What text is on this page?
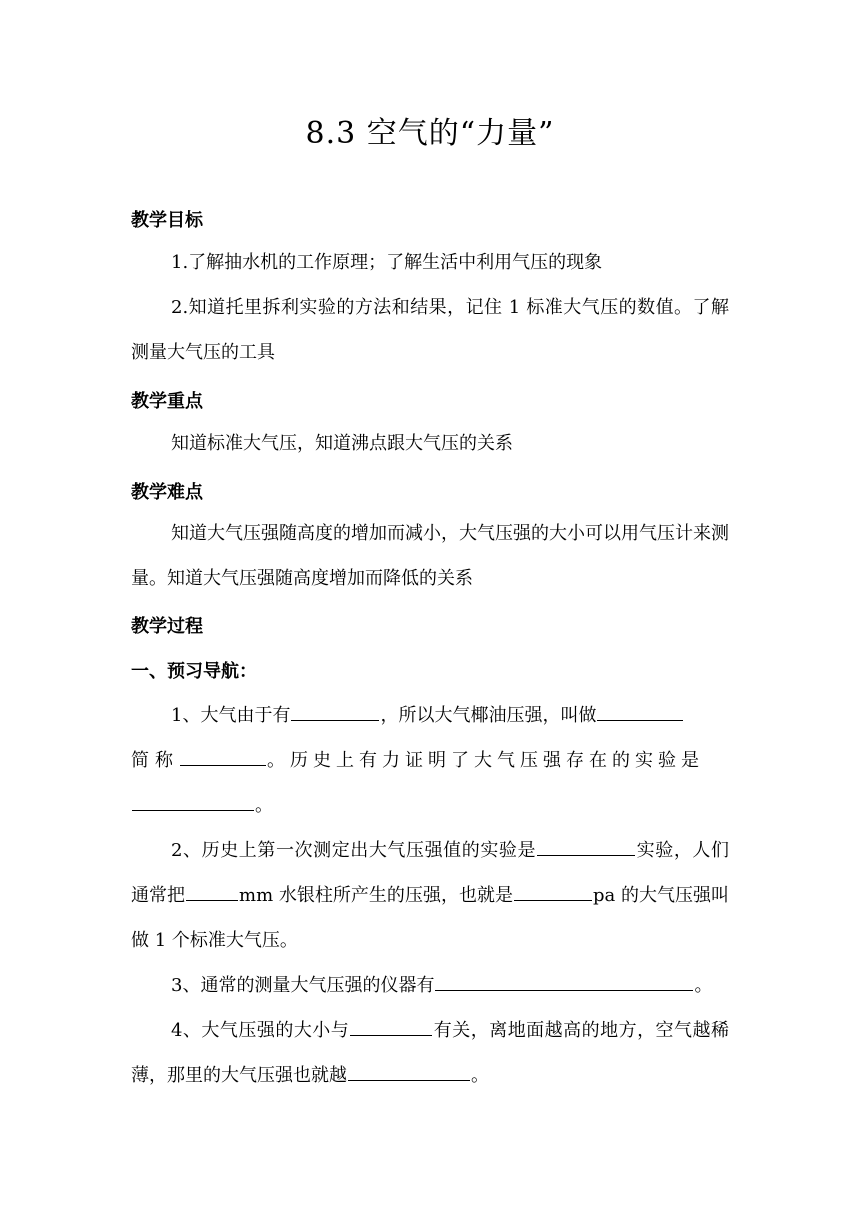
8.3 空气的“力量”
教学目标
1.了解抽水机的工作原理；了解生活中利用气压的现象
2.知道托里拆利实验的方法和结果，记住 1 标准大气压的数值。了解测量大气压的工具
教学重点
知道标准大气压，知道沸点跟大气压的关系
教学难点
知道大气压强随高度的增加而减小，大气压强的大小可以用气压计来测量。知道大气压强随高度增加而降低的关系
教学过程
一、预习导航：
1、大气由于有	，所以大气椰油压强，叫做
简称	。历史上有力证明了大气压强存在的实验是
。
2、历史上第一次测定出大气压强值的实验是	实验，人们通常把	mm 水银柱所产生的压强，也就是	pa 的大气压强叫做 1 个标准大气压。
3、通常的测量大气压强的仪器有	。
4、大气压强的大小与	有关，离地面越高的地方，空气越稀薄，那里的大气压强也就越	。
